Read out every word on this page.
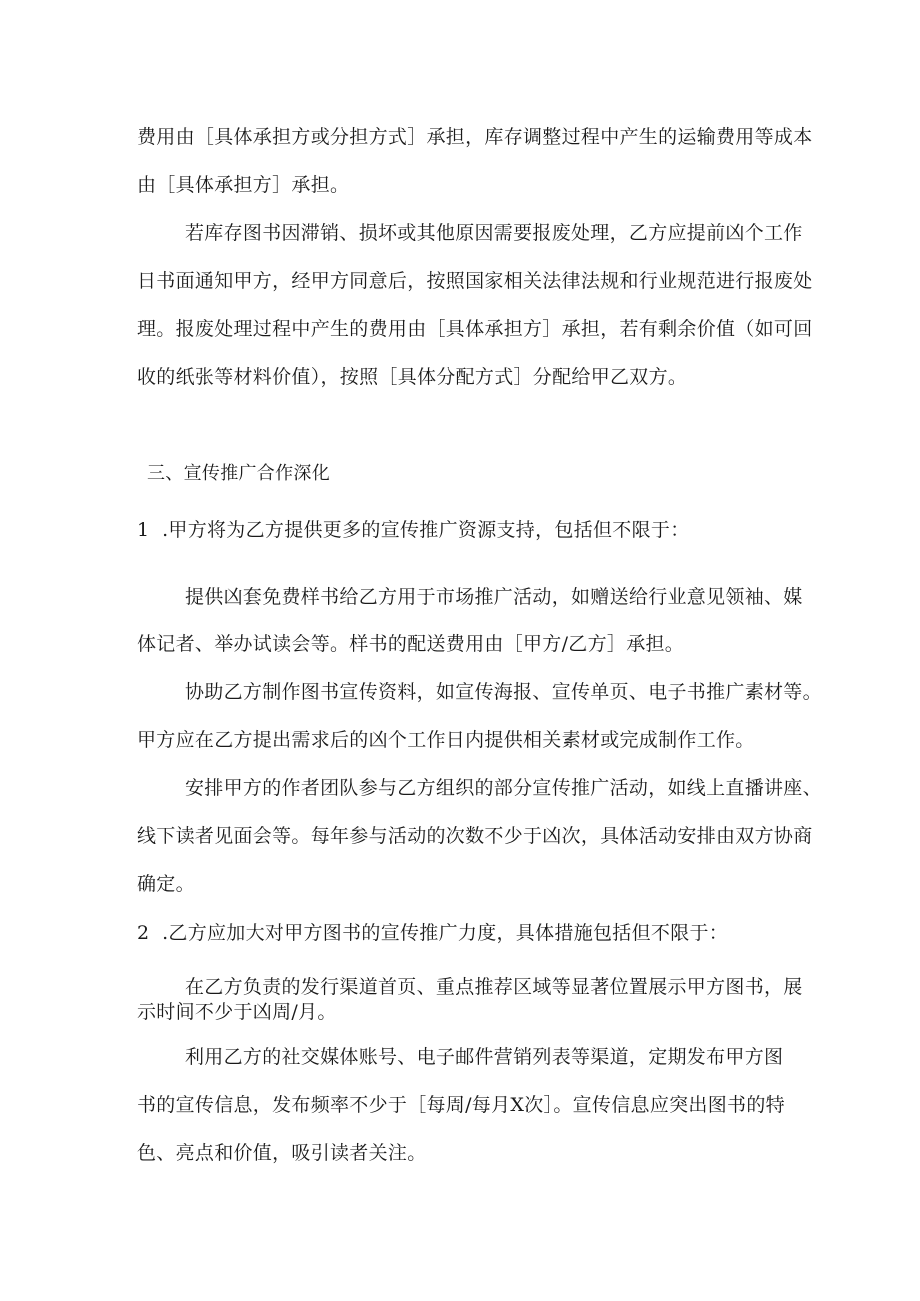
费用由［具体承担方或分担方式］承担，库存调整过程中产生的运输费用等成本
由［具体承担方］承担。
若库存图书因滞销、损坏或其他原因需要报废处理，乙方应提前凶个工作
日书面通知甲方，经甲方同意后，按照国家相关法律法规和行业规范进行报废处
理。报废处理过程中产生的费用由［具体承担方］承担，若有剩余价值（如可回
收的纸张等材料价值），按照［具体分配方式］分配给甲乙双方。
三、宣传推广合作深化
1  .甲方将为乙方提供更多的宣传推广资源支持，包括但不限于：
提供凶套免费样书给乙方用于市场推广活动，如赠送给行业意见领袖、媒
体记者、举办试读会等。样书的配送费用由［甲方/乙方］承担。
协助乙方制作图书宣传资料，如宣传海报、宣传单页、电子书推广素材等。
甲方应在乙方提出需求后的凶个工作日内提供相关素材或完成制作工作。
安排甲方的作者团队参与乙方组织的部分宣传推广活动，如线上直播讲座、
线下读者见面会等。每年参与活动的次数不少于凶次，具体活动安排由双方协商
确定。
2  .乙方应加大对甲方图书的宣传推广力度，具体措施包括但不限于：
在乙方负责的发行渠道首页、重点推荐区域等显著位置展示甲方图书，展
示时间不少于凶周/月。
利用乙方的社交媒体账号、电子邮件营销列表等渠道，定期发布甲方图
书的宣传信息，发布频率不少于［每周/每月X次］。宣传信息应突出图书的特
色、亮点和价值，吸引读者关注。
